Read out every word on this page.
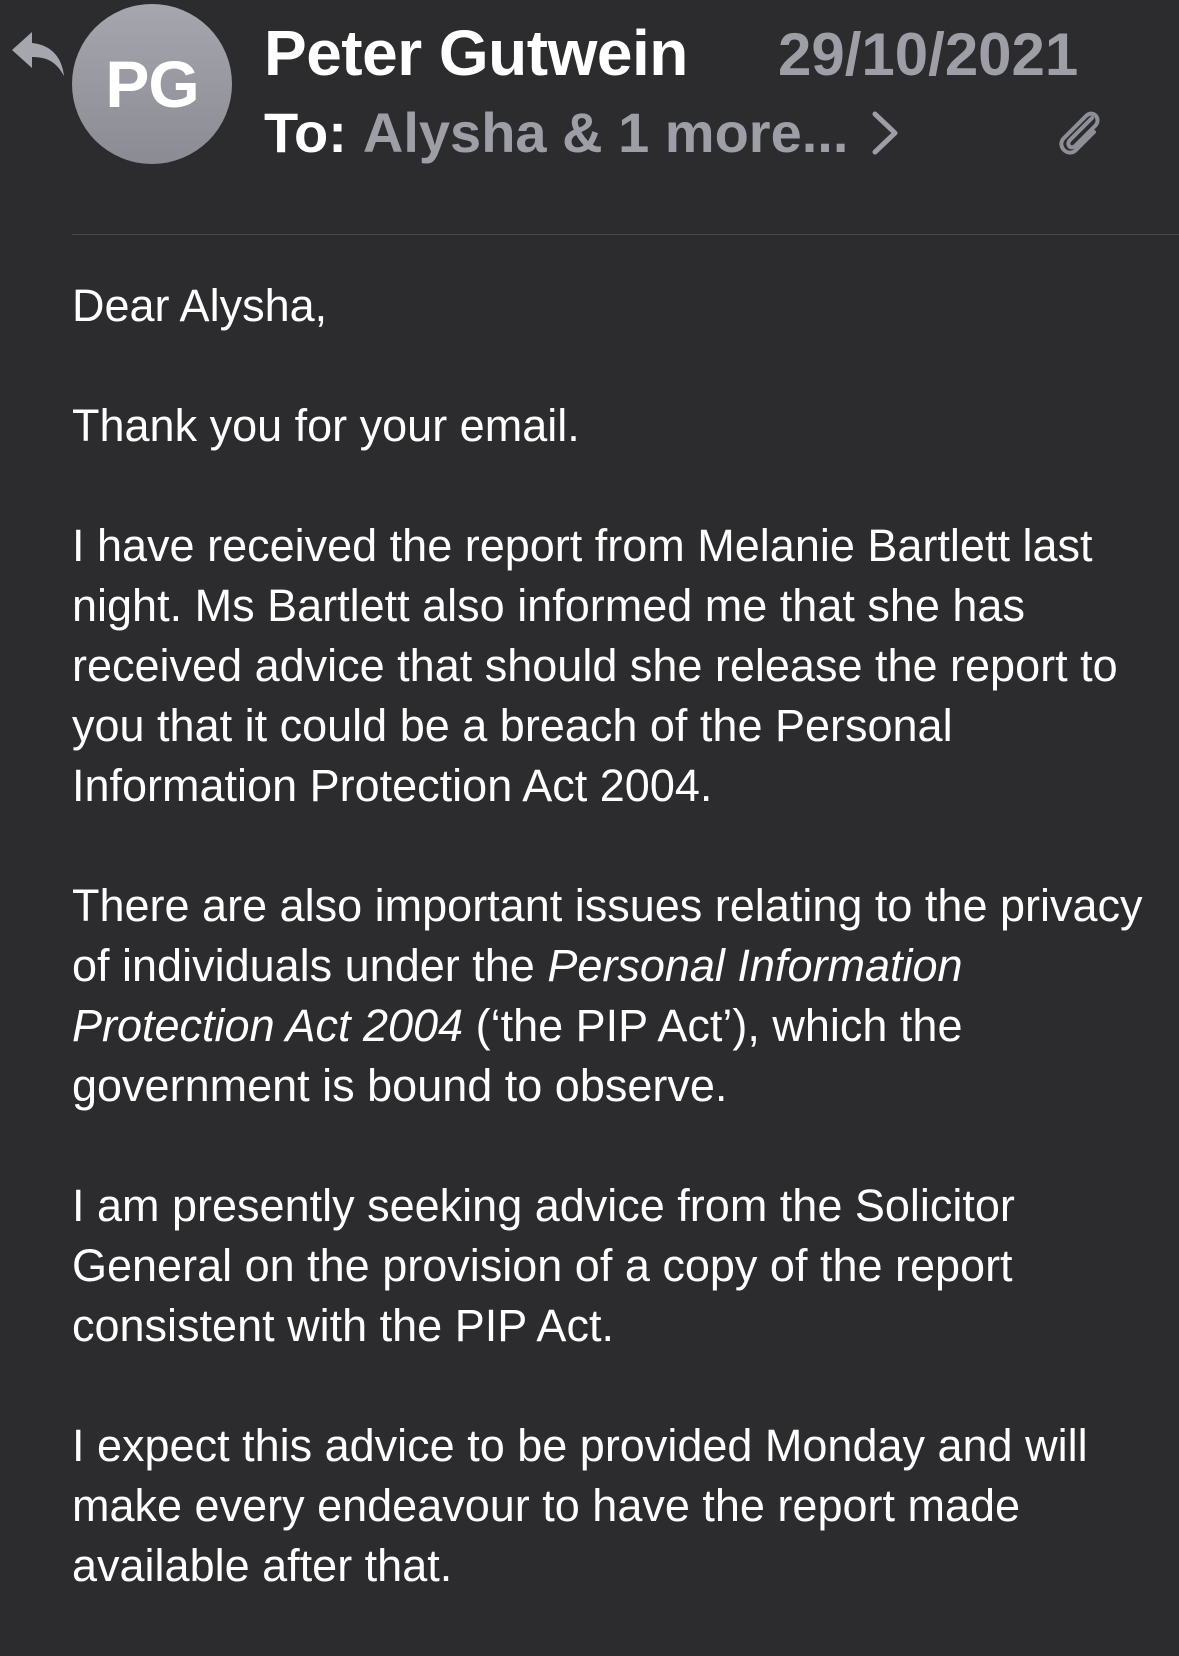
PG Peter Gutwein 29/10/2021
To: Alysha & 1 more...

Dear Alysha,

Thank you for your email.

I have received the report from Melanie Bartlett last night. Ms Bartlett also informed me that she has received advice that should she release the report to you that it could be a breach of the Personal Information Protection Act 2004.

There are also important issues relating to the privacy of individuals under the Personal Information Protection Act 2004 (‘the PIP Act’), which the government is bound to observe.

I am presently seeking advice from the Solicitor General on the provision of a copy of the report consistent with the PIP Act.

I expect this advice to be provided Monday and will make every endeavour to have the report made available after that.
